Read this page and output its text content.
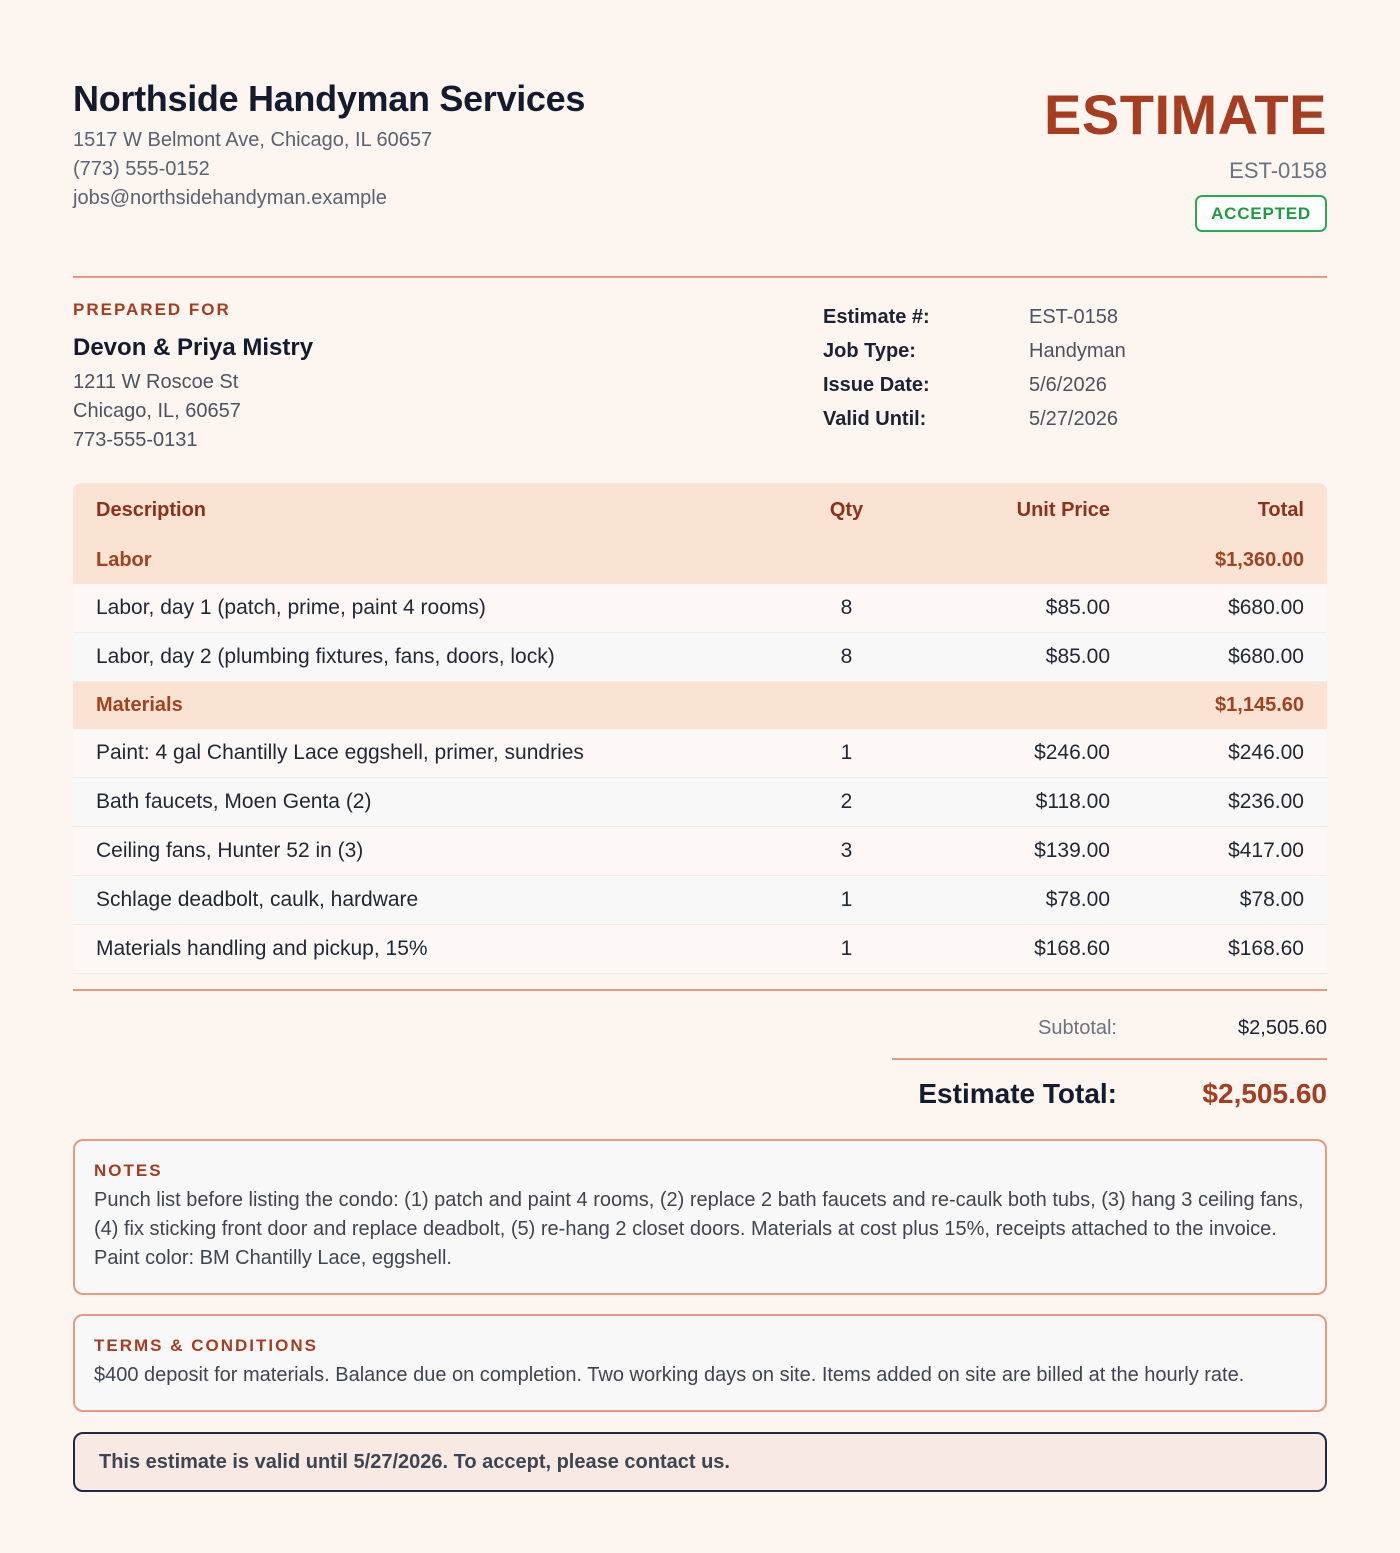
Northside Handyman Services
1517 W Belmont Ave, Chicago, IL 60657
(773) 555-0152
jobs@northsidehandyman.example
ESTIMATE
EST-0158
ACCEPTED
PREPARED FOR
Devon & Priya Mistry
1211 W Roscoe St
Chicago, IL, 60657
773-555-0131
Estimate #:	EST-0158
Job Type:	Handyman
Issue Date:	5/6/2026
Valid Until:	5/27/2026
Description	Qty	Unit Price	Total
Labor	$1,360.00
Labor, day 1 (patch, prime, paint 4 rooms)	8	$85.00	$680.00
Labor, day 2 (plumbing fixtures, fans, doors, lock)	8	$85.00	$680.00
Materials	$1,145.60
Paint: 4 gal Chantilly Lace eggshell, primer, sundries	1	$246.00	$246.00
Bath faucets, Moen Genta (2)	2	$118.00	$236.00
Ceiling fans, Hunter 52 in (3)	3	$139.00	$417.00
Schlage deadbolt, caulk, hardware	1	$78.00	$78.00
Materials handling and pickup, 15%	1	$168.60	$168.60
Subtotal:	$2,505.60
Estimate Total:	$2,505.60
NOTES
Punch list before listing the condo: (1) patch and paint 4 rooms, (2) replace 2 bath faucets and re-caulk both tubs, (3) hang 3 ceiling fans, (4) fix sticking front door and replace deadbolt, (5) re-hang 2 closet doors. Materials at cost plus 15%, receipts attached to the invoice. Paint color: BM Chantilly Lace, eggshell.
TERMS & CONDITIONS
$400 deposit for materials. Balance due on completion. Two working days on site. Items added on site are billed at the hourly rate.
This estimate is valid until 5/27/2026. To accept, please contact us.
